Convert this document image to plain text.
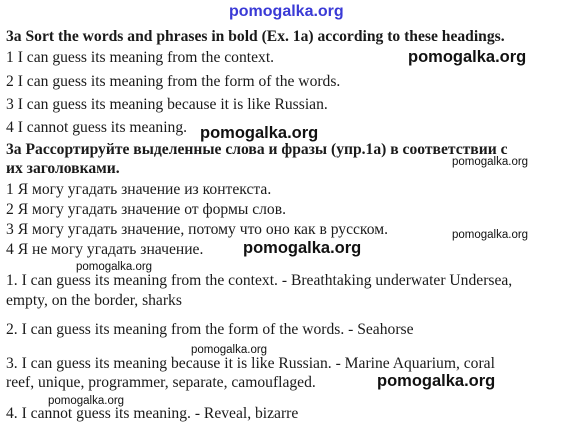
3a Sort the words and phrases in bold (Ex. 1a) according to these headings.
1 I can guess its meaning from the context.
2 I can guess its meaning from the form of the words.
3 I can guess its meaning because it is like Russian.
4 I cannot guess its meaning.
3a Рассортируйте выделенные слова и фразы (упр.1а) в соответствии с
их заголовками.
1 Я могу угадать значение из контекста.
2 Я могу угадать значение от формы слов.
3 Я могу угадать значение, потому что оно как в русском.
4 Я не могу угадать значение.
1. I can guess its meaning from the context. - Breathtaking underwater Undersea,
empty, on the border, sharks
2. I can guess its meaning from the form of the words. - Seahorse
3. I can guess its meaning because it is like Russian. - Marine Aquarium, coral
reef, unique, programmer, separate, camouflaged.
4. I cannot guess its meaning. - Reveal, bizarre
pomogalka.org
pomogalka.org
pomogalka.org
pomogalka.org
pomogalka.org
pomogalka.org
pomogalka.org
pomogalka.org
pomogalka.org
pomogalka.org
